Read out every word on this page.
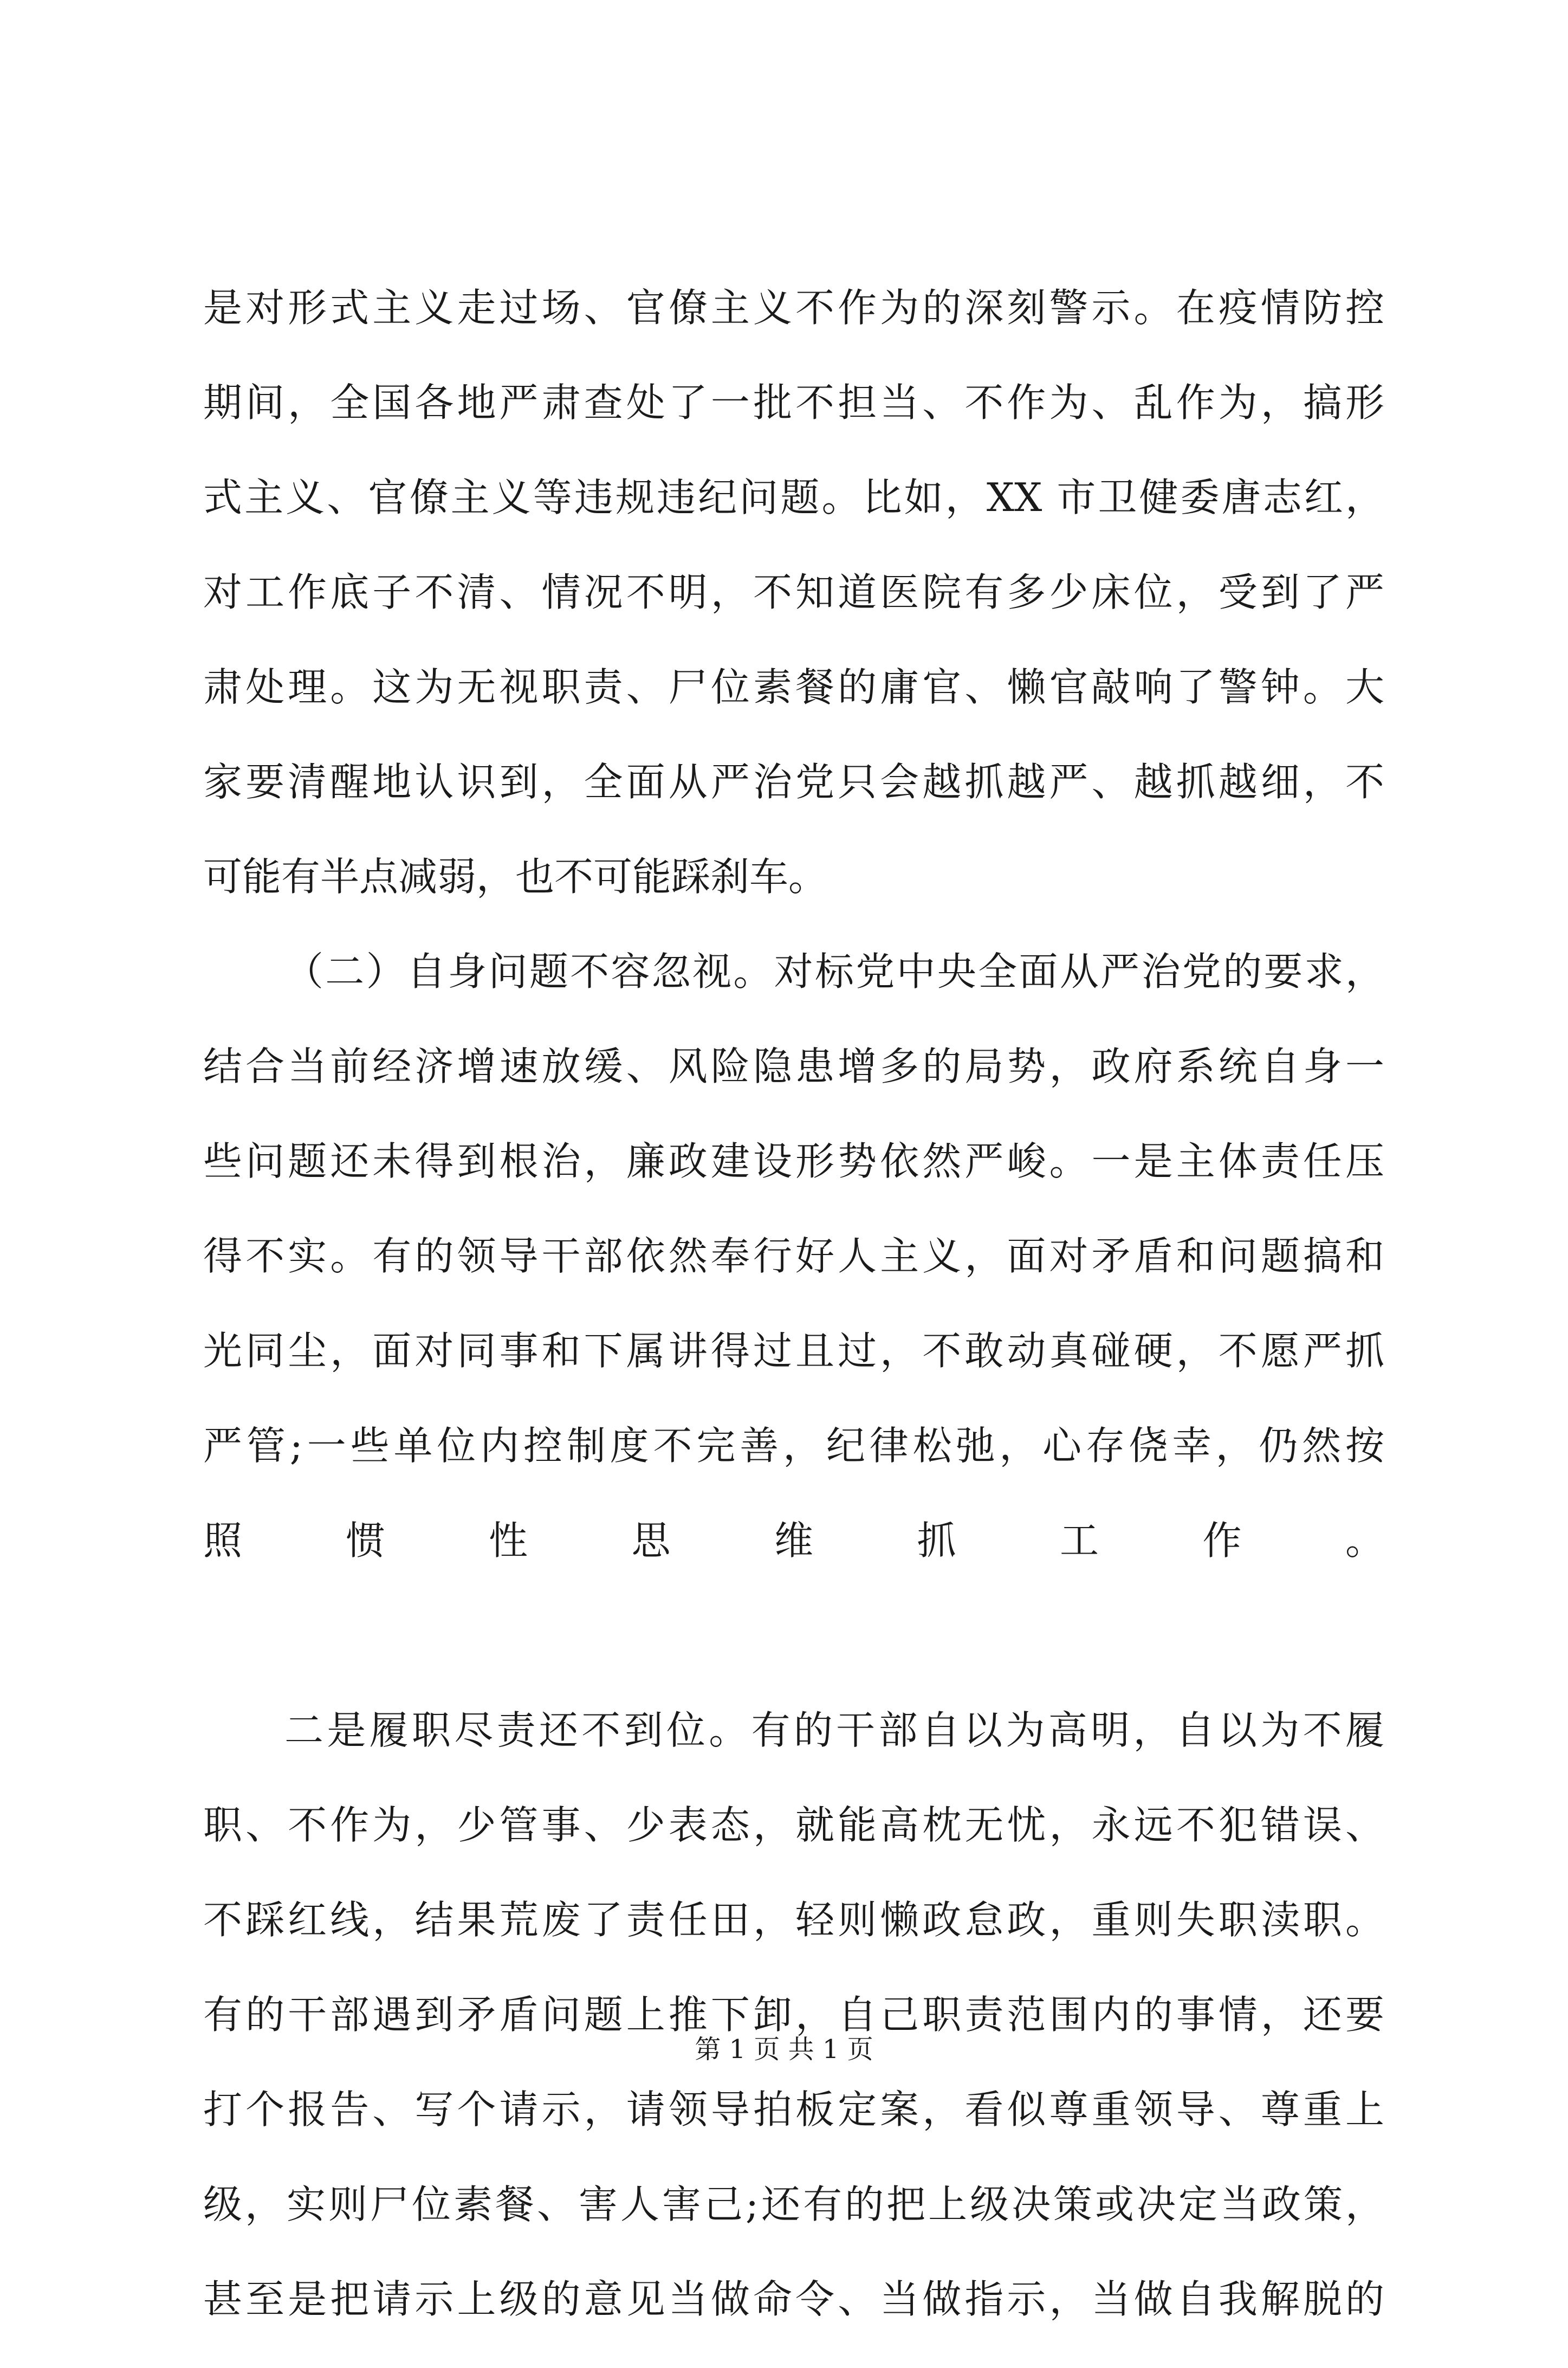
是对形式主义走过场、官僚主义不作为的深刻警示。在疫情防控
期间，全国各地严肃查处了一批不担当、不作为、乱作为，搞形
式主义、官僚主义等违规违纪问题。比如，XX 市卫健委唐志红，
对工作底子不清、情况不明，不知道医院有多少床位，受到了严
肃处理。这为无视职责、尸位素餐的庸官、懒官敲响了警钟。大
家要清醒地认识到，全面从严治党只会越抓越严、越抓越细，不
可能有半点减弱，也不可能踩刹车。
（二）自身问题不容忽视。对标党中央全面从严治党的要求，
结合当前经济增速放缓、风险隐患增多的局势，政府系统自身一
些问题还未得到根治，廉政建设形势依然严峻。一是主体责任压
得不实。有的领导干部依然奉行好人主义，面对矛盾和问题搞和
光同尘，面对同事和下属讲得过且过，不敢动真碰硬，不愿严抓
严管;一些单位内控制度不完善，纪律松弛，心存侥幸，仍然按
照惯性思维抓工作。
二是履职尽责还不到位。有的干部自以为高明，自以为不履
职、不作为，少管事、少表态，就能高枕无忧，永远不犯错误、
不踩红线，结果荒废了责任田，轻则懒政怠政，重则失职渎职。
有的干部遇到矛盾问题上推下卸，自己职责范围内的事情，还要
打个报告、写个请示，请领导拍板定案，看似尊重领导、尊重上
级，实则尸位素餐、害人害己;还有的把上级决策或决定当政策，
甚至是把请示上级的意见当做命令、当做指示，当做自我解脱的
第 1 页 共 1 页
